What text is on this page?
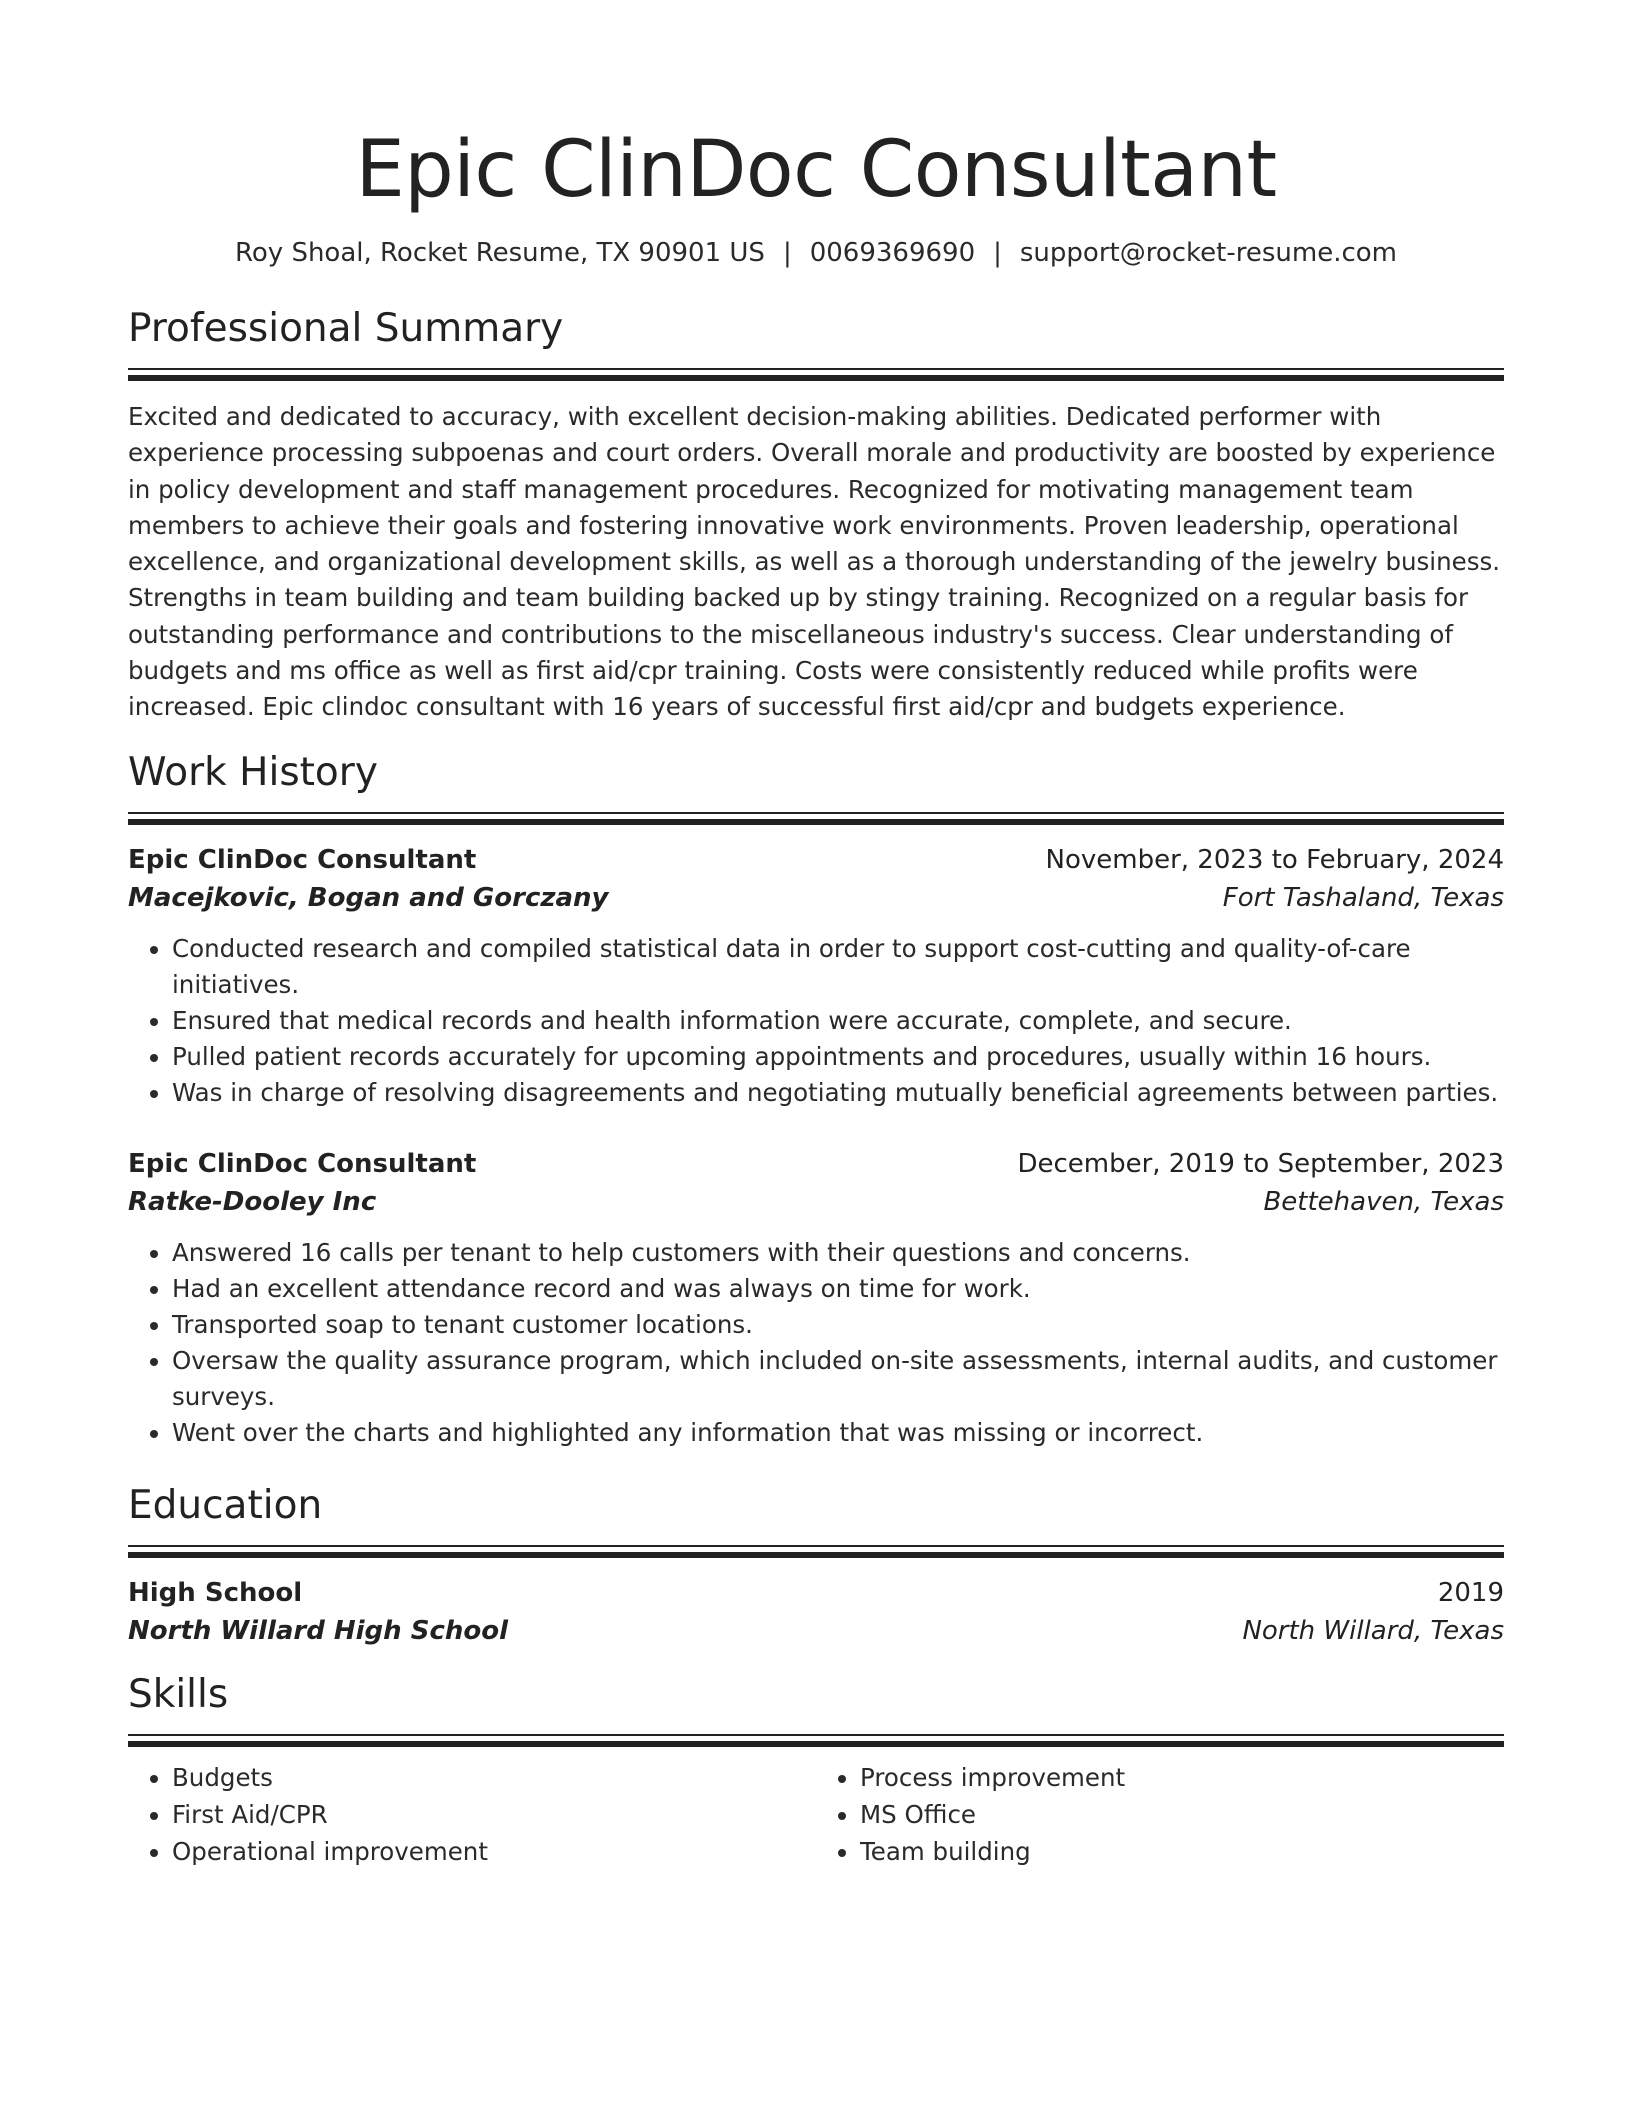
Epic ClinDoc Consultant
Roy Shoal, Rocket Resume, TX 90901 US | 0069369690 | support@rocket-resume.com
Professional Summary

Excited and dedicated to accuracy, with excellent decision-making abilities. Dedicated performer with experience processing subpoenas and court orders. Overall morale and productivity are boosted by experience in policy development and staff management procedures. Recognized for motivating management team members to achieve their goals and fostering innovative work environments. Proven leadership, operational excellence, and organizational development skills, as well as a thorough understanding of the jewelry business. Strengths in team building and team building backed up by stingy training. Recognized on a regular basis for outstanding performance and contributions to the miscellaneous industry's success. Clear understanding of budgets and ms office as well as first aid/cpr training. Costs were consistently reduced while profits were increased. Epic clindoc consultant with 16 years of successful first aid/cpr and budgets experience.

Work History
Epic ClinDoc Consultant	November, 2023 to February, 2024
Macejkovic, Bogan and Gorczany	Fort Tashaland, Texas
• Conducted research and compiled statistical data in order to support cost-cutting and quality-of-care initiatives.
• Ensured that medical records and health information were accurate, complete, and secure.
• Pulled patient records accurately for upcoming appointments and procedures, usually within 16 hours.
• Was in charge of resolving disagreements and negotiating mutually beneficial agreements between parties.
Epic ClinDoc Consultant	December, 2019 to September, 2023
Ratke-Dooley Inc	Bettehaven, Texas
• Answered 16 calls per tenant to help customers with their questions and concerns.
• Had an excellent attendance record and was always on time for work.
• Transported soap to tenant customer locations.
• Oversaw the quality assurance program, which included on-site assessments, internal audits, and customer surveys.
• Went over the charts and highlighted any information that was missing or incorrect.
Education
High School	2019
North Willard High School	North Willard, Texas
Skills
• Budgets
• First Aid/CPR
• Operational improvement
• Process improvement
• MS Office
• Team building
